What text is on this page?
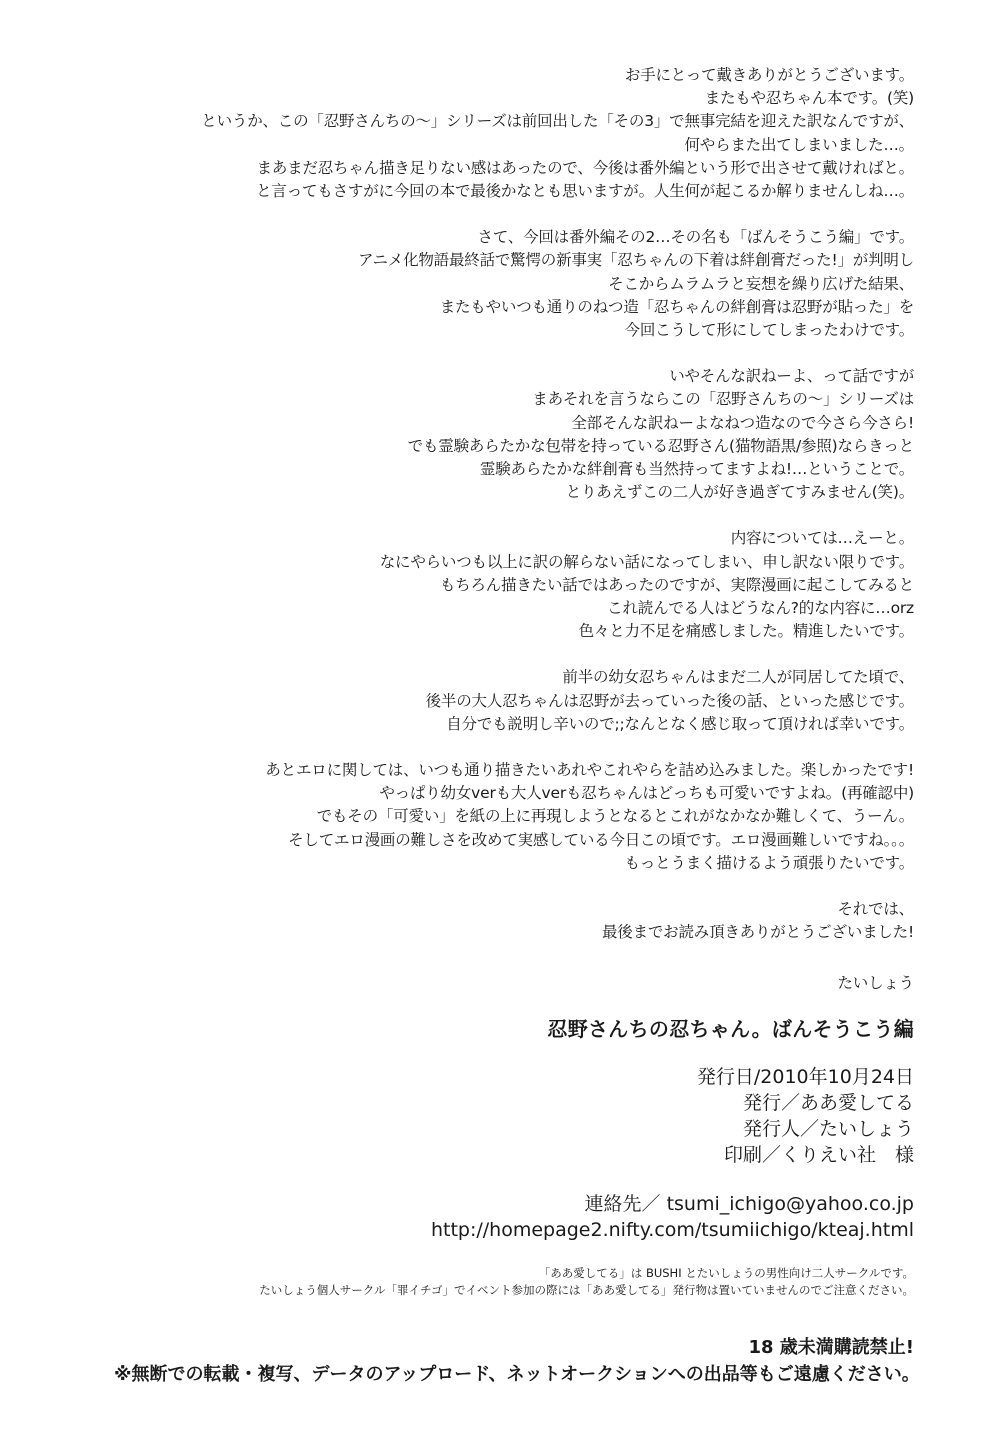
お手にとって戴きありがとうございます。
またもや忍ちゃん本です。(笑)
というか、この「忍野さんちの～」シリーズは前回出した「その3」で無事完結を迎えた訳なんですが、
何やらまた出てしまいました…。
まあまだ忍ちゃん描き足りない感はあったので、今後は番外編という形で出させて戴ければと。
と言ってもさすがに今回の本で最後かなとも思いますが。人生何が起こるか解りませんしね…。
さて、今回は番外編その2…その名も「ばんそうこう編」です。
アニメ化物語最終話で驚愕の新事実「忍ちゃんの下着は絆創膏だった!」が判明し
そこからムラムラと妄想を繰り広げた結果、
またもやいつも通りのねつ造「忍ちゃんの絆創膏は忍野が貼った」を
今回こうして形にしてしまったわけです。
いやそんな訳ねーよ、って話ですが
まあそれを言うならこの「忍野さんちの～」シリーズは
全部そんな訳ねーよなねつ造なので今さら今さら!
でも霊験あらたかな包帯を持っている忍野さん(猫物語黒/参照)ならきっと
霊験あらたかな絆創膏も当然持ってますよね!…ということで。
とりあえずこの二人が好き過ぎてすみません(笑)。
内容については…えーと。
なにやらいつも以上に訳の解らない話になってしまい、申し訳ない限りです。
もちろん描きたい話ではあったのですが、実際漫画に起こしてみると
これ読んでる人はどうなん?的な内容に…orz
色々と力不足を痛感しました。精進したいです。
前半の幼女忍ちゃんはまだ二人が同居してた頃で、
後半の大人忍ちゃんは忍野が去っていった後の話、といった感じです。
自分でも説明し辛いので;;なんとなく感じ取って頂ければ幸いです。
あとエロに関しては、いつも通り描きたいあれやこれやらを詰め込みました。楽しかったです!
やっぱり幼女verも大人verも忍ちゃんはどっちも可愛いですよね。(再確認中)
でもその「可愛い」を紙の上に再現しようとなるとこれがなかなか難しくて、うーん。
そしてエロ漫画の難しさを改めて実感している今日この頃です。エロ漫画難しいですね。。。
もっとうまく描けるよう頑張りたいです。
それでは、
最後までお読み頂きありがとうございました!
たいしょう
忍野さんちの忍ちゃん。ばんそうこう編
発行日/2010年10月24日
発行／ああ愛してる
発行人／たいしょう
印刷／くりえい社　様
連絡先／ tsumi_ichigo@yahoo.co.jp
http://homepage2.nifty.com/tsumiichigo/kteaj.html
「ああ愛してる」は BUSHI とたいしょうの男性向け二人サークルです。
たいしょう個人サークル「罪イチゴ」でイベント参加の際には「ああ愛してる」発行物は置いていませんのでご注意ください。
18 歳未満購読禁止!
※無断での転載・複写、データのアップロード、ネットオークションへの出品等もご遠慮ください。
